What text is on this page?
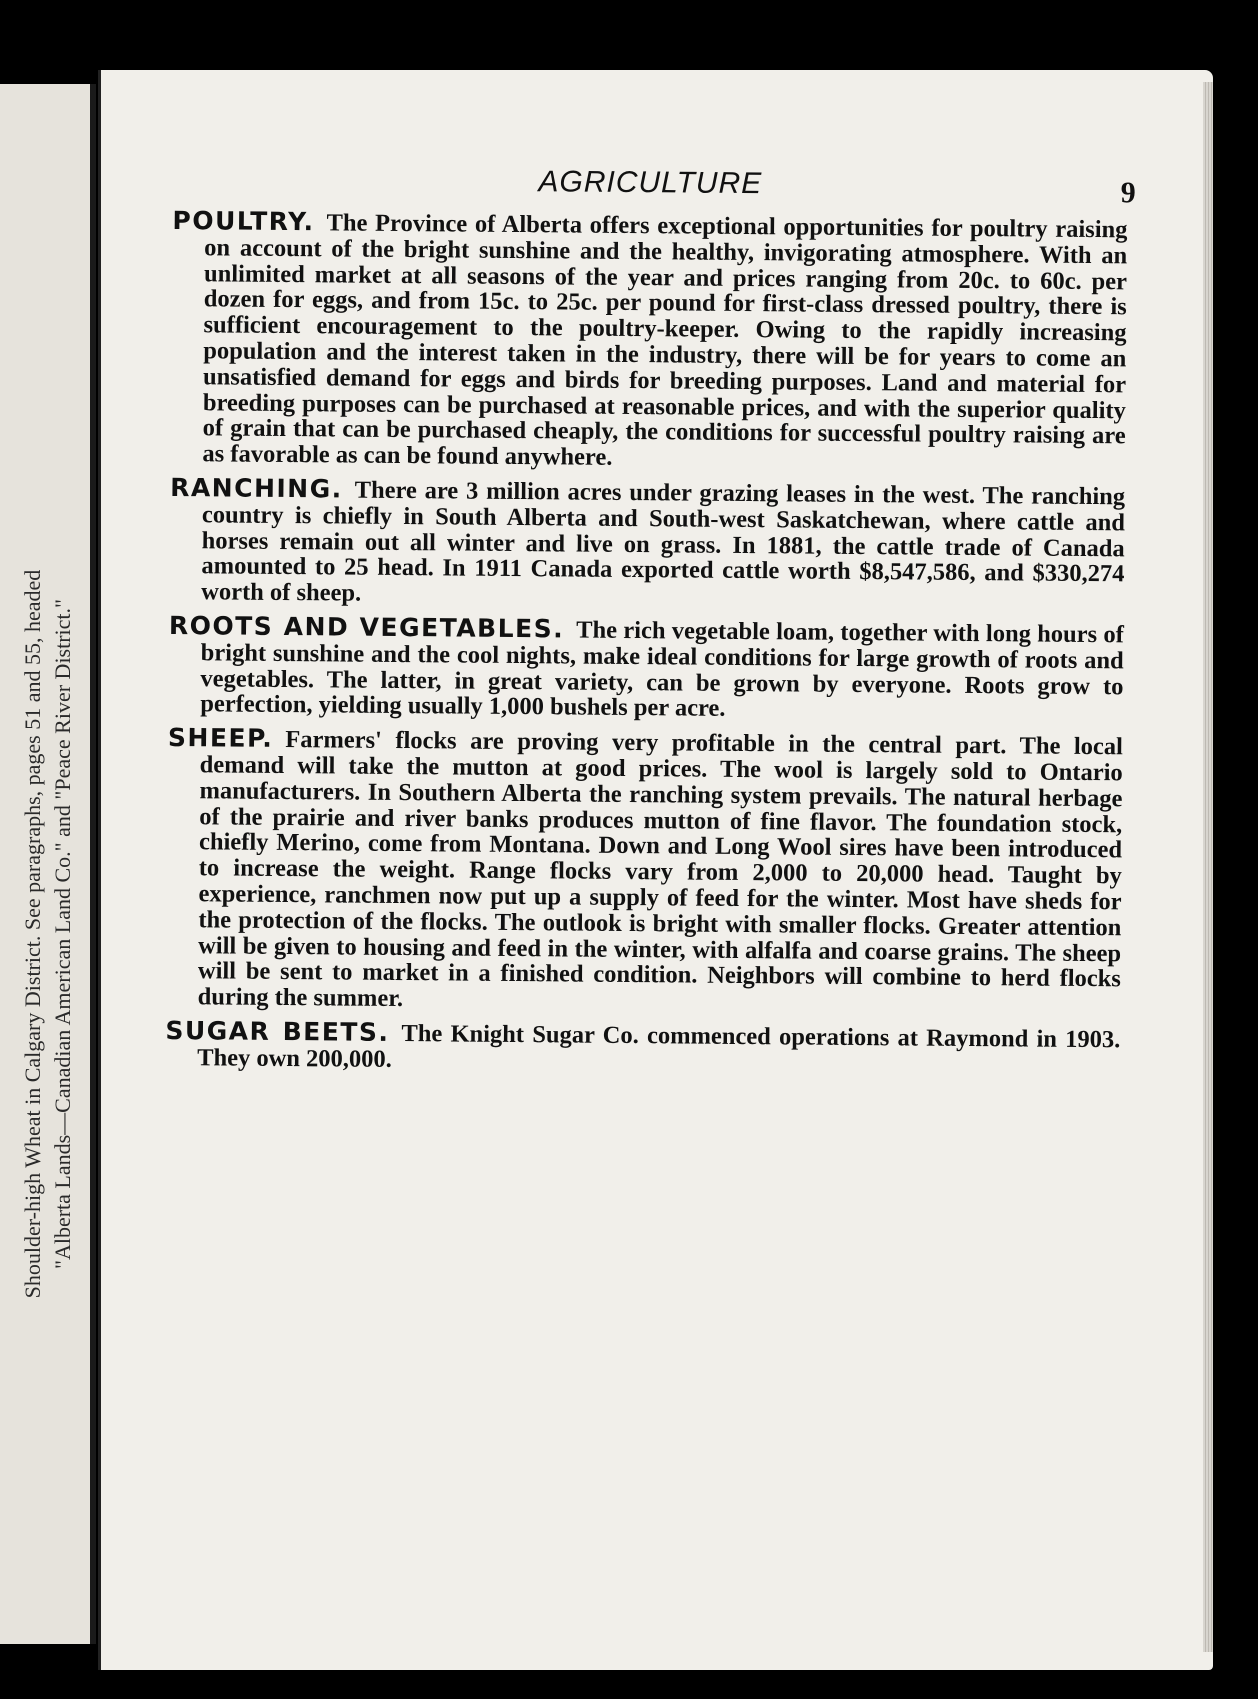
Shoulder-high Wheat in Calgary District. See paragraphs, pages 51 and 55, headed "Alberta Lands—Canadian American Land Co." and "Peace River District."
AGRICULTURE	9

POULTRY. The Province of Alberta offers exceptional opportunities for poultry raising on account of the bright sunshine and the healthy, invigorating atmosphere. With an unlimited market at all seasons of the year and prices ranging from 20c. to 60c. per dozen for eggs, and from 15c. to 25c. per pound for first-class dressed poultry, there is sufficient encouragement to the poultry-keeper. Owing to the rapidly increasing population and the interest taken in the industry, there will be for years to come an unsatisfied demand for eggs and birds for breeding purposes. Land and material for breeding purposes can be purchased at reasonable prices, and with the superior quality of grain that can be purchased cheaply, the conditions for successful poultry raising are as favorable as can be found anywhere.

RANCHING. There are 3 million acres under grazing leases in the west. The ranching country is chiefly in South Alberta and South-west Saskatchewan, where cattle and horses remain out all winter and live on grass. In 1881, the cattle trade of Canada amounted to 25 head. In 1911 Canada exported cattle worth $8,547,586, and $330,274 worth of sheep.

ROOTS AND VEGETABLES. The rich vegetable loam, together with long hours of bright sunshine and the cool nights, make ideal conditions for large growth of roots and vegetables. The latter, in great variety, can be grown by everyone. Roots grow to perfection, yielding usually 1,000 bushels per acre.

SHEEP. Farmers' flocks are proving very profitable in the central part. The local demand will take the mutton at good prices. The wool is largely sold to Ontario manufacturers. In Southern Alberta the ranching system prevails. The natural herbage of the prairie and river banks produces mutton of fine flavor. The foundation stock, chiefly Merino, come from Montana. Down and Long Wool sires have been introduced to increase the weight. Range flocks vary from 2,000 to 20,000 head. Taught by experience, ranchmen now put up a supply of feed for the winter. Most have sheds for the protection of the flocks. The outlook is bright with smaller flocks. Greater attention will be given to housing and feed in the winter, with alfalfa and coarse grains. The sheep will be sent to market in a finished condition. Neighbors will combine to herd flocks during the summer.

SUGAR BEETS. The Knight Sugar Co. commenced operations at Raymond in 1903. They own 200,000.
